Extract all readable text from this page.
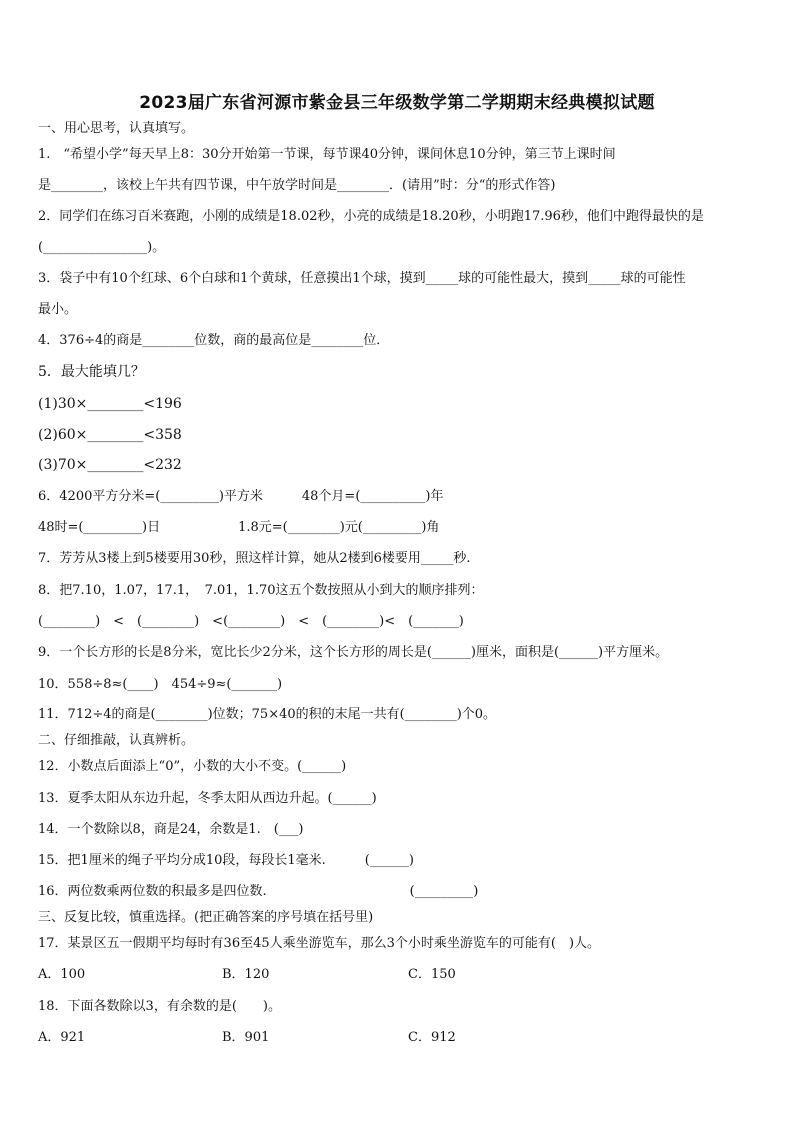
2023届广东省河源市紫金县三年级数学第二学期期末经典模拟试题
一、用心思考，认真填写。
1.　“希望小学”每天早上8：30分开始第一节课，每节课40分钟，课间休息10分钟，第三节上课时间
是________，该校上午共有四节课，中午放学时间是________．(请用”时：分“的形式作答)
2．同学们在练习百米赛跑，小刚的成绩是18.02秒，小亮的成绩是18.20秒，小明跑17.96秒，他们中跑得最快的是
(________________)。
3．袋子中有10个红球、6个白球和1个黄球，任意摸出1个球，摸到_____球的可能性最大，摸到_____球的可能性
最小。
4．376÷4的商是________位数，商的最高位是________位．
5．最大能填几？
(1)30×________<196
(2)60×________<358
(3)70×________<232
6．4200平方分米=(_________)平方米　　　48个月=(__________)年
48时=(_________)日　　　　　　1.8元=(________)元(_________)角
7．芳芳从3楼上到5楼要用30秒，照这样计算，她从2楼到6楼要用_____秒.
8．把7.10，1.07，17.1，　7.01，1.70这五个数按照从小到大的顺序排列：
(________)　<　(________)　<(________)　<　(________)<　(_______)
9．一个长方形的长是8分米，宽比长少2分米，这个长方形的周长是(______)厘米，面积是(______)平方厘米。
10．558÷8≈(____)　454÷9≈(_______)
11．712÷4的商是(________)位数；75×40的积的末尾一共有(________)个0。
二、仔细推敲，认真辨析。
12．小数点后面添上“0”，小数的大小不变。(______)
13．夏季太阳从东边升起，冬季太阳从西边升起。(______)
14．一个数除以8，商是24，余数是1.　(___)
15．把1厘米的绳子平均分成10段，每段长1毫米.　　　(______)
16．两位数乘两位数的积最多是四位数.　　　　　　　　　　　(_________)
三、反复比较，慎重选择。(把正确答案的序号填在括号里)
17．某景区五一假期平均每时有36至45人乘坐游览车，那么3个小时乘坐游览车的可能有(　)人。
A．100	B．120	C．150
18．下面各数除以3，有余数的是(　　)。
A．921	B．901	C．912
